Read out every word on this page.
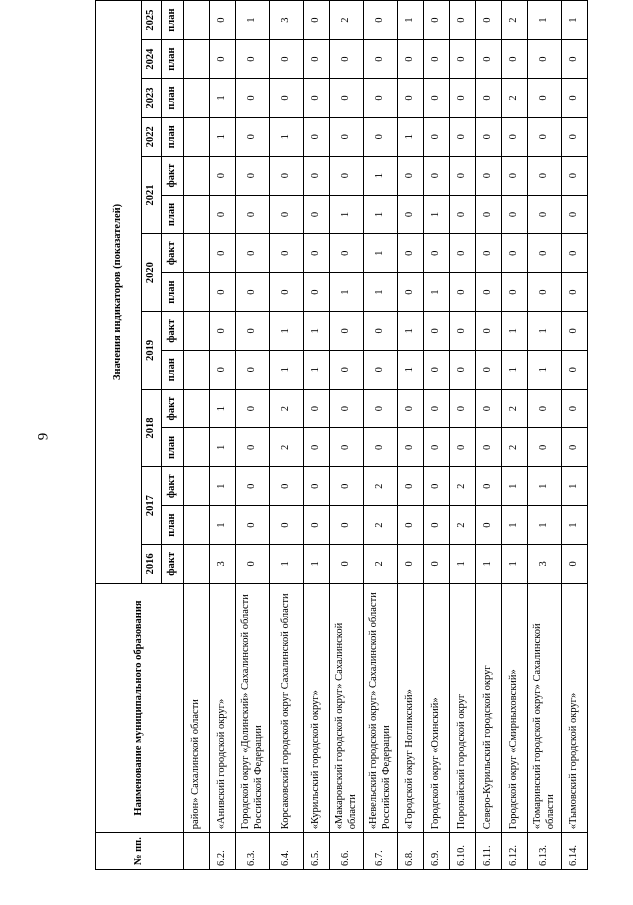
9
№ пп.	Наименование муниципального образования	Значения индикаторов (показателей)														
		2016	2017		2018		2019		2020		2021		2022	2023	2024	2025
		факт	план	факт	план	факт	план	факт	план	факт	план	факт	план	план	план	план
	район» Сахалинской области															
6.2.	«Анивский городской округ»	3	1	1	1	1	0	0	0	0	0	0	1	1	0	0
6.3.	Городской округ «Долинский» Сахалинской области Российской Федерации	0	0	0	0	0	0	0	0	0	0	0	0	0	0	1
6.4.	Корсаковский городской округ Сахалинской области	1	0	0	2	2	1	1	0	0	0	0	1	0	0	3
6.5.	«Курильский городской округ»	1	0	0	0	0	1	1	0	0	0	0	0	0	0	0
6.6.	«Макаровский городской округ» Сахалинской области	0	0	0	0	0	0	0	1	0	1	0	0	0	0	2
6.7.	«Невельский городской округ» Сахалинской области Российской Федерации	2	2	2	0	0	0	0	1	1	1	1	0	0	0	0
6.8.	«Городской округ Ногликский»	0	0	0	0	0	1	1	0	0	0	0	1	0	0	1
6.9.	Городской округ «Охинский»	0	0	0	0	0	0	0	1	0	1	0	0	0	0	0
6.10.	Поронайский городской округ	1	2	2	0	0	0	0	0	0	0	0	0	0	0	0
6.11.	Северо-Курильский городской округ	1	0	0	0	0	0	0	0	0	0	0	0	0	0	0
6.12.	Городской округ «Смирныховский»	1	1	1	2	2	1	1	0	0	0	0	0	2	0	2
6.13.	«Томаринский городской округ» Сахалинской области	3	1	1	0	0	1	1	0	0	0	0	0	0	0	1
6.14.	«Тымовский городской округ»	0	1	1	0	0	0	0	0	0	0	0	0	0	0	1
